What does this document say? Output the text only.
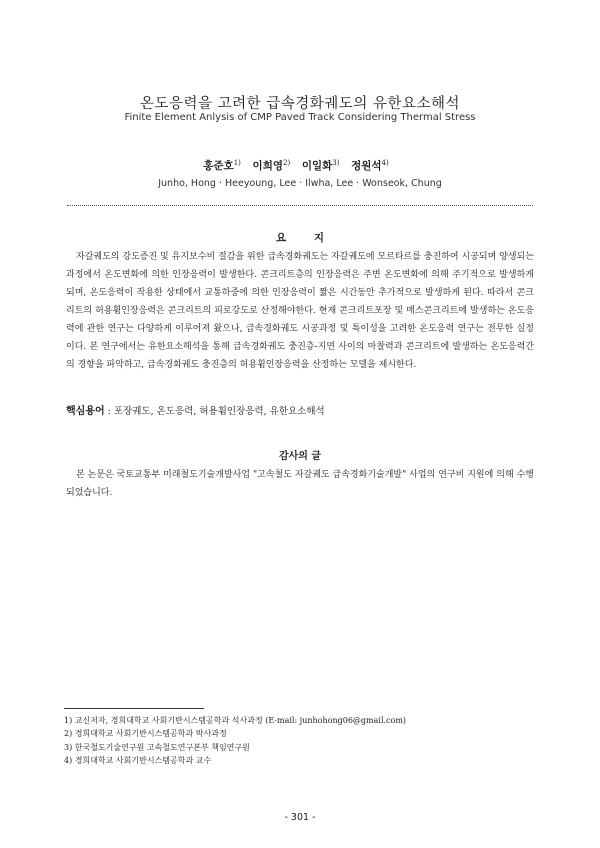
온도응력을 고려한 급속경화궤도의 유한요소해석
Finite Element Anlysis of CMP Paved Track Considering Thermal Stress
홍준호$^{1)}$ 이희영$^{2)}$ 이일화$^{3)}$ 정원석$^{4)}$
Junho, Hong · Heeyoung, Lee · Ilwha, Lee · Wonseok, Chung
요 지
자갈궤도의 강도증진 및 유지보수비 절감을 위한 급속경화궤도는 자갈궤도에 모르타르를 충진하여 시공되며 양생되는 과정에서 온도변화에 의한 인장응력이 발생한다. 콘크리트층의 인장응력은 주변 온도변화에 의해 주기적으로 발생하게 되며, 온도응력이 작용한 상태에서 교통하중에 의한 인장응력이 짧은 시간동안 추가적으로 발생하게 된다. 따라서 콘크리트의 허용휨인장응력은 콘크리트의 피로강도로 산정해야한다. 현재 콘크리트포장 및 매스콘크리트에 발생하는 온도응력에 관한 연구는 다양하게 이루어져 왔으나, 급속경화궤도 시공과정 및 특이성을 고려한 온도응력 연구는 전무한 실정이다. 본 연구에서는 유한요소해석을 통해 급속경화궤도 충진층-지면 사이의 마찰력과 콘크리트에 발생하는 온도응력간의 경향을 파악하고, 급속경화궤도 충진층의 허용휨인장응력을 산정하는 모델을 제시한다.
핵심용어 : 포장궤도, 온도응력, 허용휨인장응력, 유한요소해석
감사의 글
본 논문은 국토교통부 미래철도기술개발사업 "고속철도 자갈궤도 급속경화기술개발" 사업의 연구비 지원에 의해 수행되었습니다.
1) 교신저자, 경희대학교 사회기반시스템공학과 석사과정 (E-mail: junhohong06@gmail.com)
2) 경희대학교 사회기반시스템공학과 박사과정
3) 한국철도기술연구원 고속철도연구본부 책임연구원
4) 경희대학교 사회기반시스템공학과 교수
- 301 -
